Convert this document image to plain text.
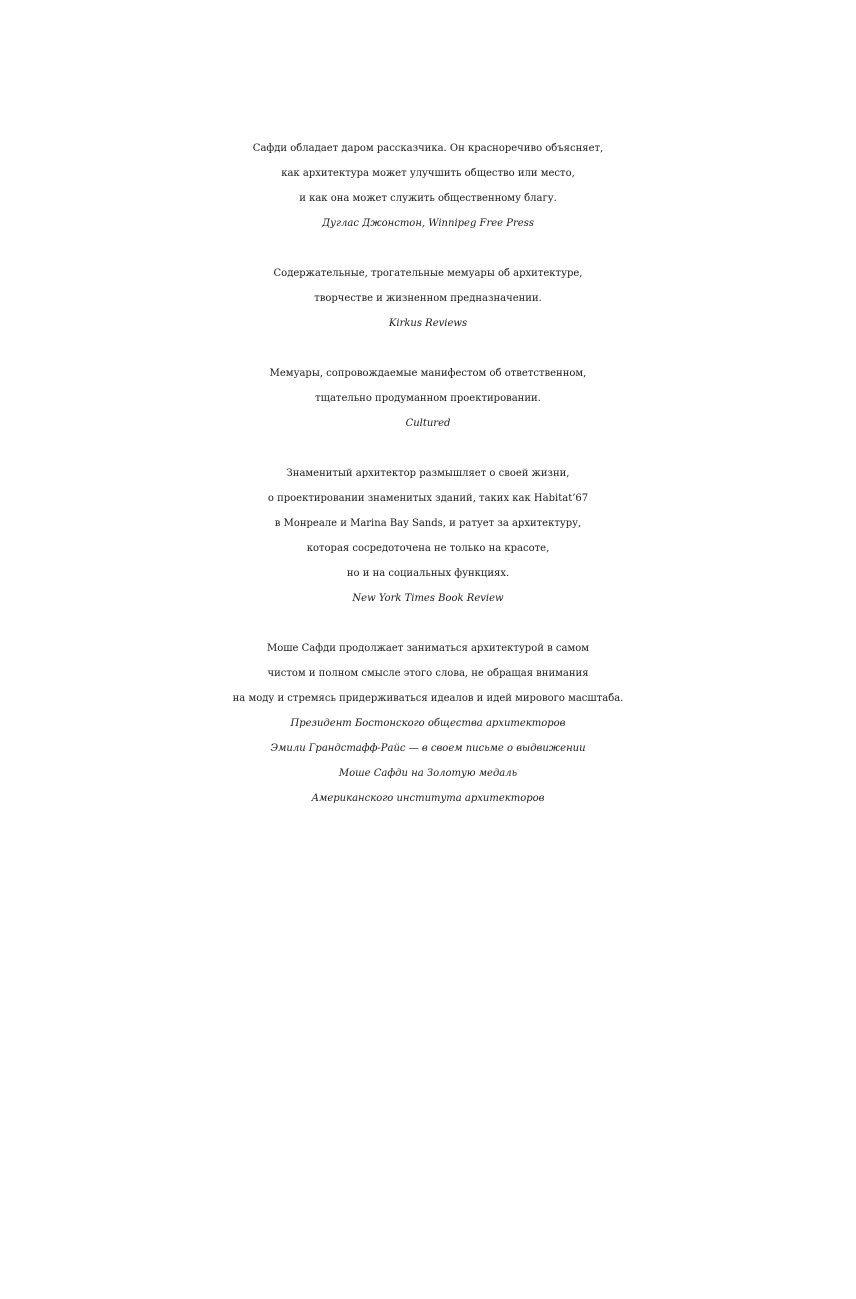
Сафди обладает даром рассказчика. Он красноречиво объясняет,
как архитектура может улучшить общество или место,
и как она может служить общественному благу.
Дуглас Джонстон, Winnipeg Free Press
Содержательные, трогательные мемуары об архитектуре,
творчестве и жизненном предназначении.
Kirkus Reviews
Мемуары, сопровождаемые манифестом об ответственном,
тщательно продуманном проектировании.
Cultured
Знаменитый архитектор размышляет о своей жизни,
о проектировании знаменитых зданий, таких как Habitat’67
в Монреале и Marina Bay Sands, и ратует за архитектуру,
которая сосредоточена не только на красоте,
но и на социальных функциях.
New York Times Book Review
Моше Сафди продолжает заниматься архитектурой в самом
чистом и полном смысле этого слова, не обращая внимания
на моду и стремясь придерживаться идеалов и идей мирового масштаба.
Президент Бостонского общества архитекторов
Эмили Грандстафф-Райс — в своем письме о выдвижении
Моше Сафди на Золотую медаль
Американского института архитекторов
